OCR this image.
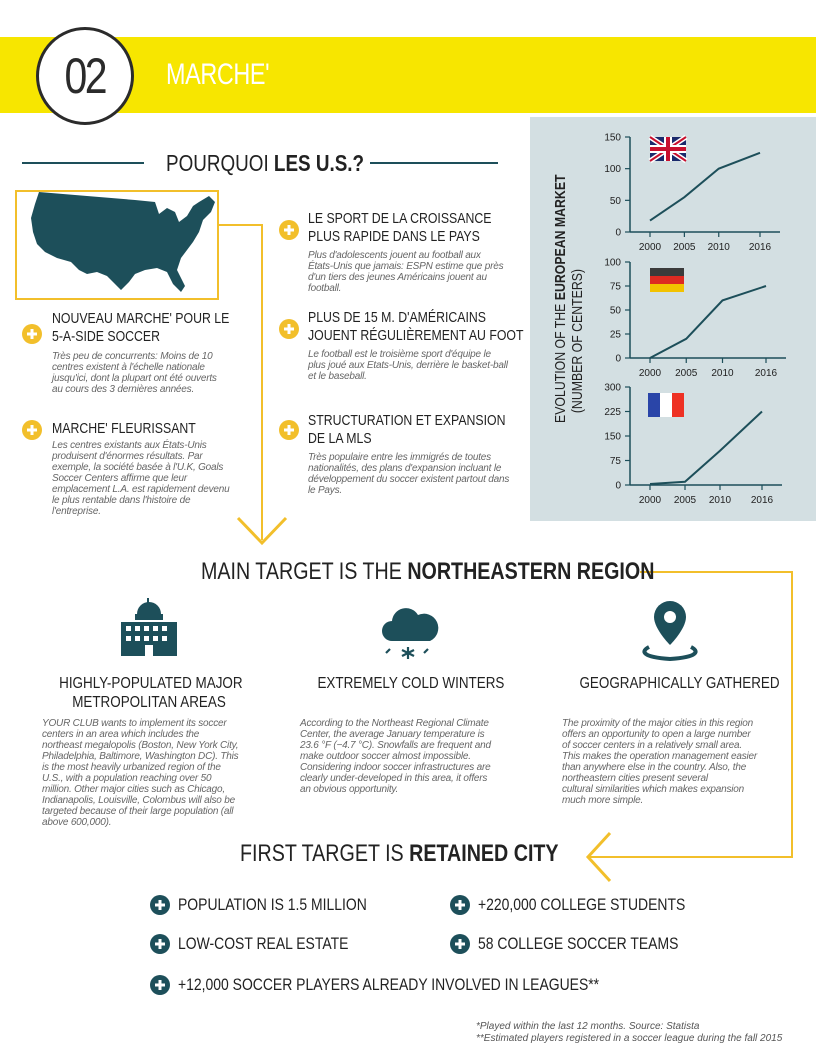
02 MARCHE'
POURQUOI LES U.S.?
NOUVEAU MARCHE' POUR LE
5-A-SIDE SOCCER
Très peu de concurrents: Moins de 10
centres existent à l'échelle nationale
jusqu'ici, dont la plupart ont été ouverts
au cours des 3 dernières années.
MARCHE' FLEURISSANT
Les centres existants aux États-Unis
produisent d'énormes résultats. Par
exemple, la société basée à l'U.K, Goals
Soccer Centers affirme que leur
emplacement L.A. est rapidement devenu
le plus rentable dans l'histoire de
l'entreprise.
LE SPORT DE LA CROISSANCE
PLUS RAPIDE DANS LE PAYS
Plus d'adolescents jouent au football aux
États-Unis que jamais: ESPN estime que près
d'un tiers des jeunes Américains jouent au
football.
PLUS DE 15 M. D'AMÉRICAINS
JOUENT RÉGULIÈREMENT AU FOOT
Le football est le troisième sport d'équipe le
plus joué aux Etats-Unis, derrière le basket-ball
et le baseball.
STRUCTURATION ET EXPANSION
DE LA MLS
Très populaire entre les immigrés de toutes
nationalités, des plans d'expansion incluant le
développement du soccer existent partout dans
le Pays.
EVOLUTION OF THE EUROPEAN MARKET
(NUMBER OF CENTERS)
0
50
100
150
2000 2005 2010 2016
0
25
50
75
100
2000 2005 2010 2016
0
75
150
225
300
2000 2005 2010 2016
MAIN TARGET IS THE NORTHEASTERN REGION
HIGHLY-POPULATED MAJOR
METROPOLITAN AREAS
YOUR CLUB wants to implement its soccer
centers in an area which includes the
northeast megalopolis (Boston, New York City,
Philadelphia, Baltimore, Washington DC). This
is the most heavily urbanized region of the
U.S., with a population reaching over 50
million. Other major cities such as Chicago,
Indianapolis, Louisville, Colombus will also be
targeted because of their large population (all
above 600,000).
EXTREMELY COLD WINTERS
According to the Northeast Regional Climate
Center, the average January temperature is
23.6 °F (−4.7 °C). Snowfalls are frequent and
make outdoor soccer almost impossible.
Considering indoor soccer infrastructures are
clearly under-developed in this area, it offers
an obvious opportunity.
GEOGRAPHICALLY GATHERED
The proximity of the major cities in this region
offers an opportunity to open a large number
of soccer centers in a relatively small area.
This makes the operation management easier
than anywhere else in the country. Also, the
northeastern cities present several
cultural similarities which makes expansion
much more simple.
FIRST TARGET IS RETAINED CITY
POPULATION IS 1.5 MILLION	+220,000 COLLEGE STUDENTS
LOW-COST REAL ESTATE	58 COLLEGE SOCCER TEAMS
+12,000 SOCCER PLAYERS ALREADY INVOLVED IN LEAGUES**
*Played within the last 12 months. Source: Statista
**Estimated players registered in a soccer league during the fall 2015
